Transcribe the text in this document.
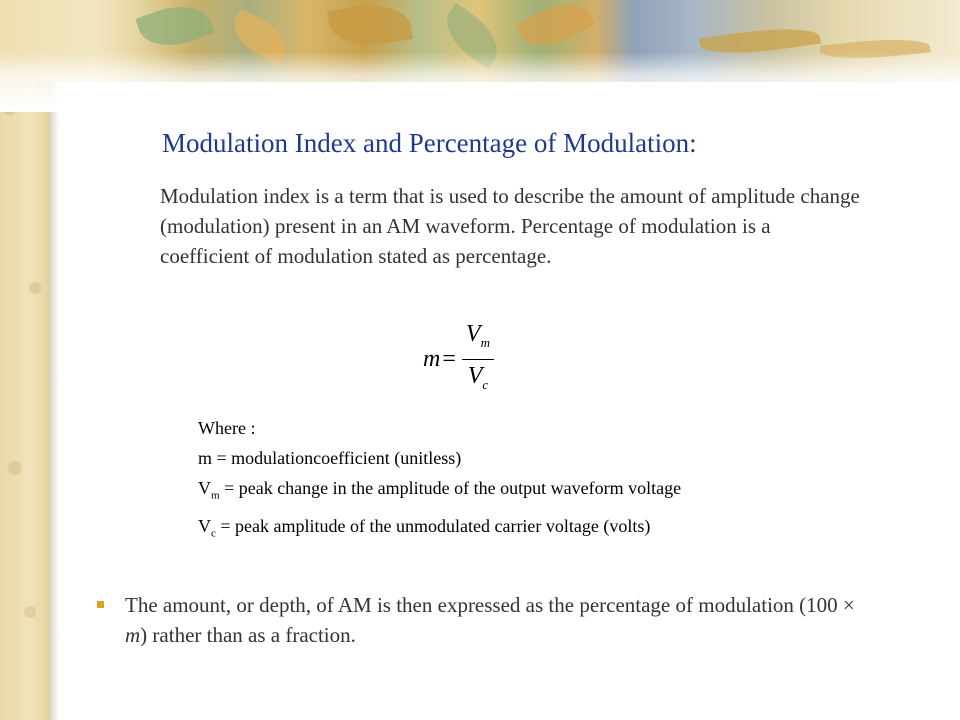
Modulation Index and Percentage of Modulation:

Modulation index is a term that is used to describe the amount of amplitude change (modulation) present in an AM waveform. Percentage of modulation is a coefficient of modulation stated as percentage.

$m = \frac{V_m}{V_c}$
Where :
m = modulationcoefficient (unitless)
$V_m$ = peak change in the amplitude of the output waveform voltage
$V_c$ = peak amplitude of the unmodulated carrier voltage (volts)

The amount, or depth, of AM is then expressed as the percentage of modulation (100 × m) rather than as a fraction.
